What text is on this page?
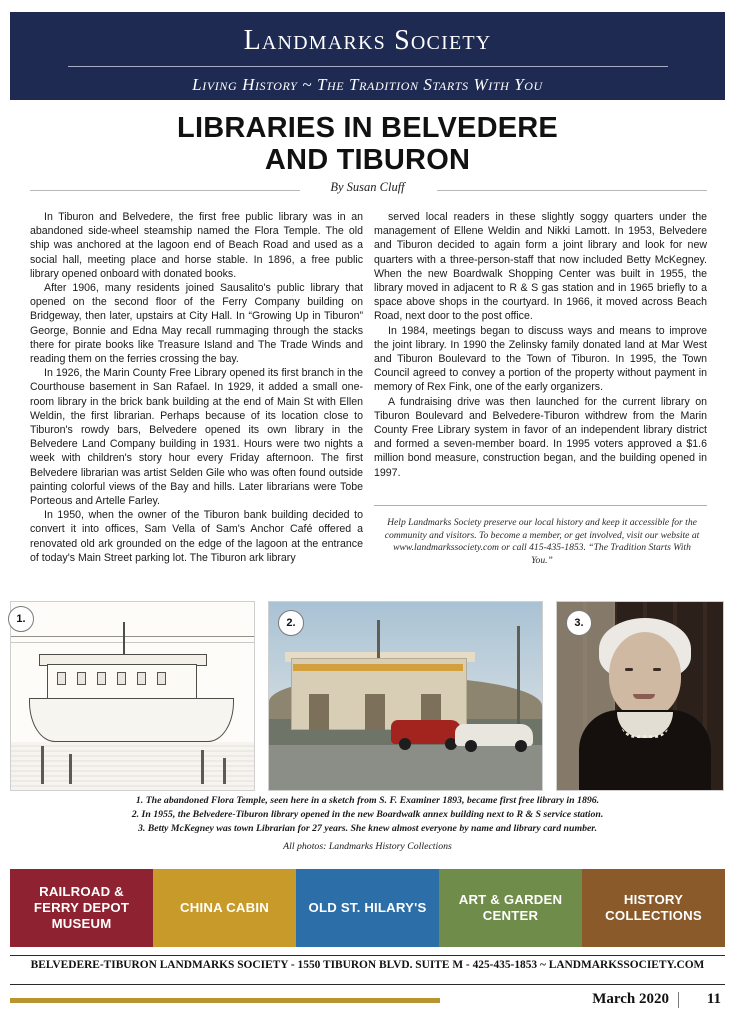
Landmarks Society
Living History ~ The Tradition Starts With You
LIBRARIES IN BELVEDERE
AND TIBURON
By Susan Cluff

In Tiburon and Belvedere, the first free public library was in an abandoned side-wheel steamship named the Flora Temple. The old ship was anchored at the lagoon end of Beach Road and used as a social hall, meeting place and horse stable. In 1896, a free public library opened onboard with donated books.

After 1906, many residents joined Sausalito's public library that opened on the second floor of the Ferry Company building on Bridgeway, then later, upstairs at City Hall. In “Growing Up in Tiburon” George, Bonnie and Edna May recall rummaging through the stacks there for pirate books like Treasure Island and The Trade Winds and reading them on the ferries crossing the bay.

In 1926, the Marin County Free Library opened its first branch in the Courthouse basement in San Rafael. In 1929, it added a small one-room library in the brick bank building at the end of Main St with Ellen Weldin, the first librarian. Perhaps because of its location close to Tiburon's rowdy bars, Belvedere opened its own library in the Belvedere Land Company building in 1931. Hours were two nights a week with children's story hour every Friday afternoon. The first Belvedere librarian was artist Selden Gile who was often found outside painting colorful views of the Bay and hills. Later librarians were Tobe Porteous and Artelle Farley.

In 1950, when the owner of the Tiburon bank building decided to convert it into offices, Sam Vella of Sam's Anchor Café offered a renovated old ark grounded on the edge of the lagoon at the entrance of today's Main Street parking lot. The Tiburon ark library

served local readers in these slightly soggy quarters under the management of Ellene Weldin and Nikki Lamott. In 1953, Belvedere and Tiburon decided to again form a joint library and look for new quarters with a three-person-staff that now included Betty McKegney. When the new Boardwalk Shopping Center was built in 1955, the library moved in adjacent to R & S gas station and in 1965 briefly to a space above shops in the courtyard. In 1966, it moved across Beach Road, next door to the post office.

In 1984, meetings began to discuss ways and means to improve the joint library. In 1990 the Zelinsky family donated land at Mar West and Tiburon Boulevard to the Town of Tiburon. In 1995, the Town Council agreed to convey a portion of the property without payment in memory of Rex Fink, one of the early organizers.

A fundraising drive was then launched for the current library on Tiburon Boulevard and Belvedere-Tiburon withdrew from the Marin County Free Library system in favor of an independent library district and formed a seven-member board. In 1995 voters approved a $1.6 million bond measure, construction began, and the building opened in 1997.

Help Landmarks Society preserve our local history and keep it accessible for the community and visitors. To become a member, or get involved, visit our website at www.landmarkssociety.com or call 415-435-1853. “The Tradition Starts With You.”
1.	2.	3.
1. The abandoned Flora Temple, seen here in a sketch from S. F. Examiner 1893, became first free library in 1896.
2. In 1955, the Belvedere-Tiburon library opened in the new Boardwalk annex building next to R & S service station.
3. Betty McKegney was town Librarian for 27 years. She knew almost everyone by name and library card number.
All photos: Landmarks History Collections
RAILROAD & FERRY DEPOT MUSEUM
CHINA CABIN	OLD ST. HILARY'S
ART & GARDEN CENTER
HISTORY COLLECTIONS
BELVEDERE-TIBURON LANDMARKS SOCIETY - 1550 TIBURON BLVD. SUITE M - 425-435-1853 ~ LANDMARKSSOCIETY.COM
March 2020	11
